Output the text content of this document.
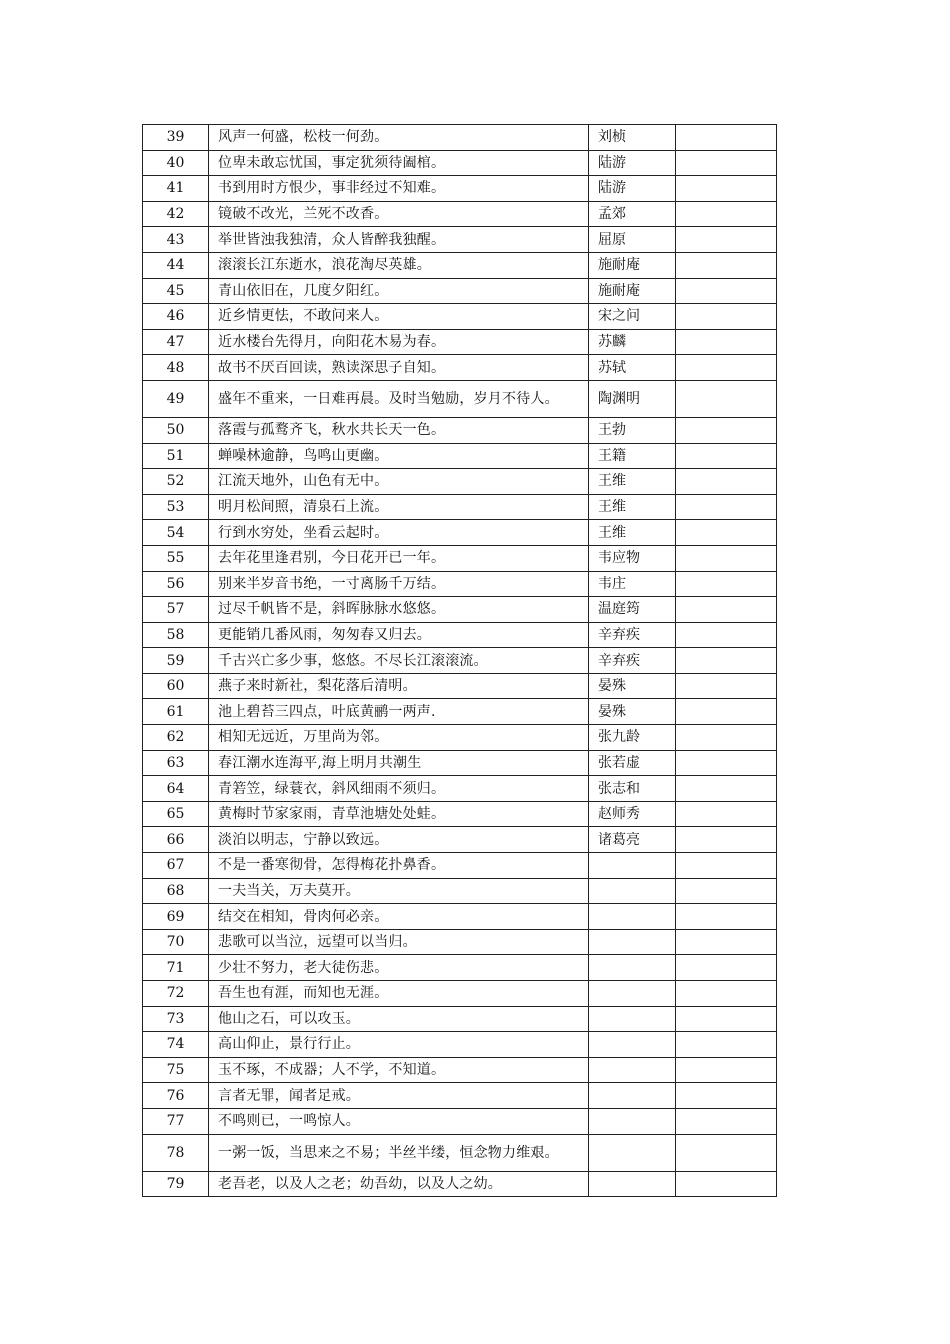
39	风声一何盛，松枝一何劲。	刘桢	
40	位卑未敢忘忧国，事定犹须待阖棺。	陆游	
41	书到用时方恨少，事非经过不知难。	陆游	
42	镜破不改光，兰死不改香。	孟郊	
43	举世皆浊我独清，众人皆醉我独醒。	屈原	
44	滚滚长江东逝水，浪花淘尽英雄。	施耐庵	
45	青山依旧在，几度夕阳红。	施耐庵	
46	近乡情更怯，不敢问来人。	宋之问	
47	近水楼台先得月，向阳花木易为春。	苏麟	
48	故书不厌百回读，熟读深思子自知。	苏轼	
49	盛年不重来，一日难再晨。及时当勉励，岁月不待人。	陶渊明	
50	落霞与孤鹜齐飞，秋水共长天一色。	王勃	
51	蝉噪林逾静，鸟鸣山更幽。	王籍	
52	江流天地外，山色有无中。	王维	
53	明月松间照，清泉石上流。	王维	
54	行到水穷处，坐看云起时。	王维	
55	去年花里逢君别，今日花开已一年。	韦应物	
56	别来半岁音书绝，一寸离肠千万结。	韦庄	
57	过尽千帆皆不是，斜晖脉脉水悠悠。	温庭筠	
58	更能销几番风雨，匆匆春又归去。	辛弃疾	
59	千古兴亡多少事，悠悠。不尽长江滚滚流。	辛弃疾	
60	燕子来时新社，梨花落后清明。	晏殊	
61	池上碧苔三四点，叶底黄鹂一两声.	晏殊	
62	相知无远近，万里尚为邻。	张九龄	
63	春江潮水连海平,海上明月共潮生	张若虚	
64	青箬笠，绿蓑衣，斜风细雨不须归。	张志和	
65	黄梅时节家家雨，青草池塘处处蛙。	赵师秀	
66	淡泊以明志，宁静以致远。	诸葛亮	
67	不是一番寒彻骨，怎得梅花扑鼻香。		
68	一夫当关，万夫莫开。		
69	结交在相知，骨肉何必亲。		
70	悲歌可以当泣，远望可以当归。		
71	少壮不努力，老大徒伤悲。		
72	吾生也有涯，而知也无涯。		
73	他山之石，可以攻玉。		
74	高山仰止，景行行止。		
75	玉不琢，不成器；人不学，不知道。		
76	言者无罪，闻者足戒。		
77	不鸣则已，一鸣惊人。		
78	一粥一饭，当思来之不易；半丝半缕，恒念物力维艰。		
79	老吾老，以及人之老；幼吾幼，以及人之幼。		
